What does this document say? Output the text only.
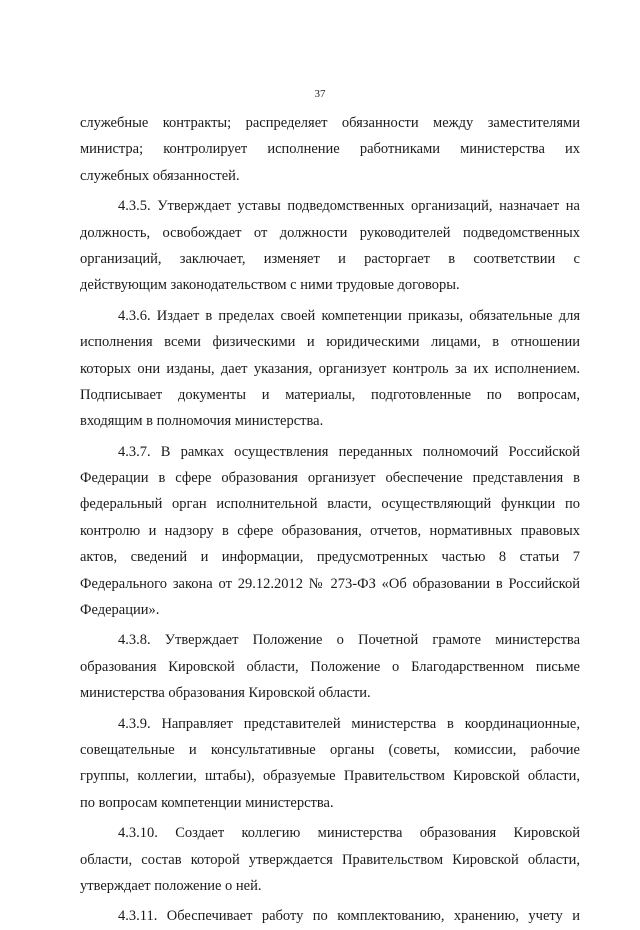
37
служебные контракты; распределяет обязанности между заместителями
министра; контролирует исполнение работниками министерства их
служебных обязанностей.
4.3.5. Утверждает уставы подведомственных организаций, назначает на
должность, освобождает от должности руководителей подведомственных
организаций, заключает, изменяет и расторгает в соответствии с
действующим законодательством с ними трудовые договоры.
4.3.6. Издает в пределах своей компетенции приказы, обязательные для
исполнения всеми физическими и юридическими лицами, в отношении
которых они изданы, дает указания, организует контроль за их исполнением.
Подписывает документы и материалы, подготовленные по вопросам,
входящим в полномочия министерства.
4.3.7. В рамках осуществления переданных полномочий Российской
Федерации в сфере образования организует обеспечение представления в
федеральный орган исполнительной власти, осуществляющий функции по
контролю и надзору в сфере образования, отчетов, нормативных правовых
актов, сведений и информации, предусмотренных частью 8 статьи 7
Федерального закона от 29.12.2012 № 273-ФЗ «Об образовании в Российской
Федерации».
4.3.8. Утверждает Положение о Почетной грамоте министерства
образования Кировской области, Положение о Благодарственном письме
министерства образования Кировской области.
4.3.9. Направляет представителей министерства в координационные,
совещательные и консультативные органы (советы, комиссии, рабочие
группы, коллегии, штабы), образуемые Правительством Кировской области,
по вопросам компетенции министерства.
4.3.10. Создает коллегию министерства образования Кировской
области, состав которой утверждается Правительством Кировской области,
утверждает положение о ней.
4.3.11. Обеспечивает работу по комплектованию, хранению, учету и
